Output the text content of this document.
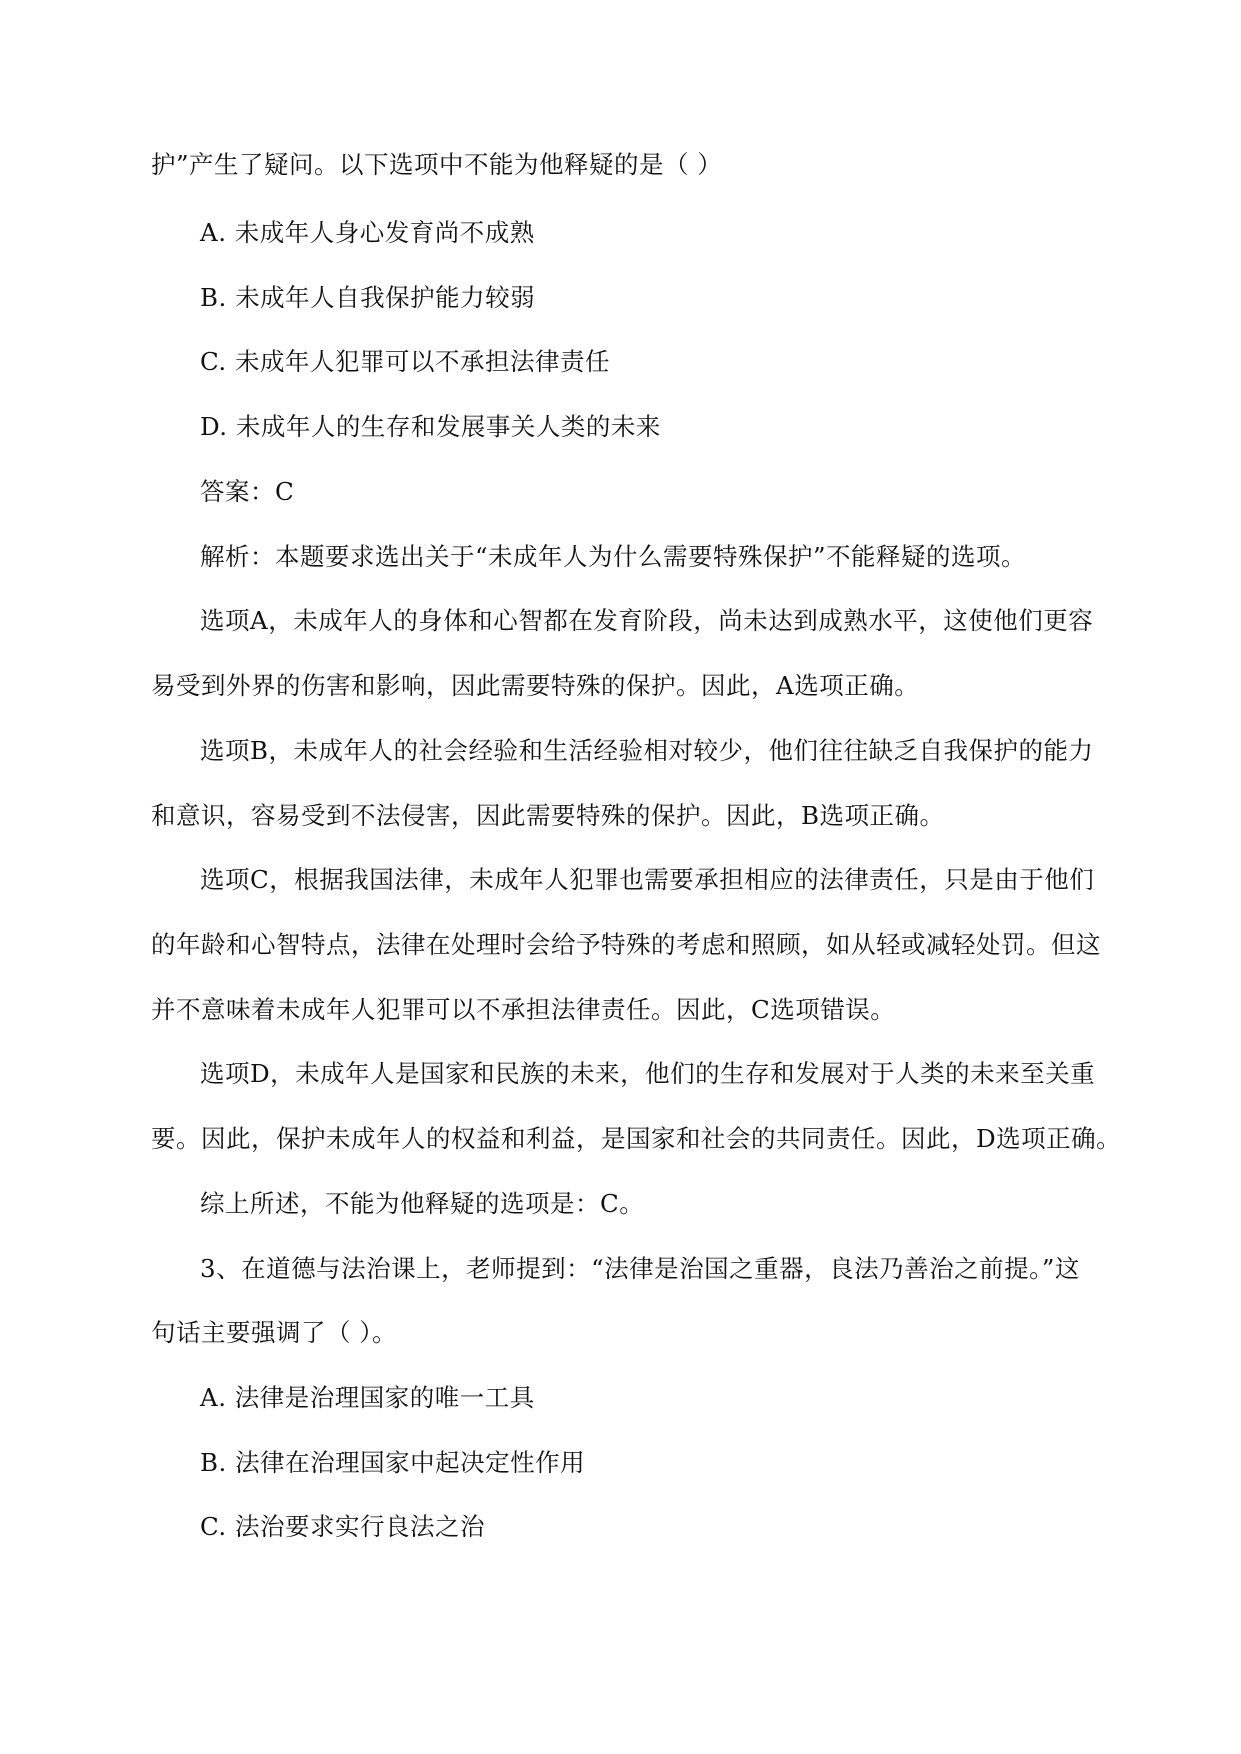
护”产生了疑问。以下选项中不能为他释疑的是（ ）
A. 未成年人身心发育尚不成熟
B. 未成年人自我保护能力较弱
C. 未成年人犯罪可以不承担法律责任
D. 未成年人的生存和发展事关人类的未来
答案：C
解析：本题要求选出关于“未成年人为什么需要特殊保护”不能释疑的选项。
选项A，未成年人的身体和心智都在发育阶段，尚未达到成熟水平，这使他们更容
易受到外界的伤害和影响，因此需要特殊的保护。因此，A选项正确。
选项B，未成年人的社会经验和生活经验相对较少，他们往往缺乏自我保护的能力
和意识，容易受到不法侵害，因此需要特殊的保护。因此，B选项正确。
选项C，根据我国法律，未成年人犯罪也需要承担相应的法律责任，只是由于他们
的年龄和心智特点，法律在处理时会给予特殊的考虑和照顾，如从轻或减轻处罚。但这
并不意味着未成年人犯罪可以不承担法律责任。因此，C选项错误。
选项D，未成年人是国家和民族的未来，他们的生存和发展对于人类的未来至关重
要。因此，保护未成年人的权益和利益，是国家和社会的共同责任。因此，D选项正确。
综上所述，不能为他释疑的选项是：C。
3、在道德与法治课上，老师提到：“法律是治国之重器，良法乃善治之前提。”这
句话主要强调了（ ）。
A. 法律是治理国家的唯一工具
B. 法律在治理国家中起决定性作用
C. 法治要求实行良法之治
